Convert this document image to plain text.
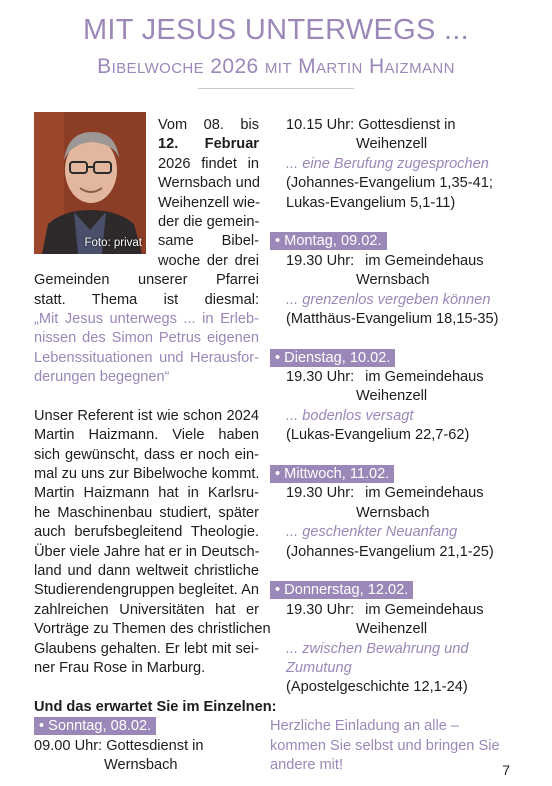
MIT JESUS UNTERWEGS ...
Bibelwoche 2026 mit Martin Haizmann
Foto: privat
Vom 08. bis
12. Februar
2026 findet in
Wernsbach und
Weihenzell wie-
der die gemein-
same Bibel-
woche der drei
Gemeinden unserer Pfarrei
statt. Thema ist diesmal:
„Mit Jesus unterwegs ... in Erleb-
nissen des Simon Petrus eigenen
Lebenssituationen und Herausfor-
derungen begegnen“
Unser Referent ist wie schon 2024
Martin Haizmann. Viele haben
sich gewünscht, dass er noch ein-
mal zu uns zur Bibelwoche kommt.
Martin Haizmann hat in Karlsru-
he Maschinenbau studiert, später
auch berufsbegleitend Theologie.
Über viele Jahre hat er in Deutsch-
land und dann weltweit christliche
Studierendengruppen begleitet. An
zahlreichen Universitäten hat er
Vorträge zu Themen des christlichen
Glaubens gehalten. Er lebt mit sei-
ner Frau Rose in Marburg.
Und das erwartet Sie im Einzelnen:
• Sonntag, 08.02.
09.00 Uhr: Gottesdienst in
Wernsbach
10.15 Uhr: Gottesdienst in
Weihenzell
... eine Berufung zugesprochen
(Johannes-Evangelium 1,35-41;
Lukas-Evangelium 5,1-11)
• Montag, 09.02.
19.30 Uhr: im Gemeindehaus
Wernsbach
... grenzenlos vergeben können
(Matthäus-Evangelium 18,15-35)
• Dienstag, 10.02.
19.30 Uhr: im Gemeindehaus
Weihenzell
... bodenlos versagt
(Lukas-Evangelium 22,7-62)
• Mittwoch, 11.02.
19.30 Uhr: im Gemeindehaus
Wernsbach
... geschenkter Neuanfang
(Johannes-Evangelium 21,1-25)
• Donnerstag, 12.02.
19.30 Uhr: im Gemeindehaus
Weihenzell
... zwischen Bewahrung und
Zumutung
(Apostelgeschichte 12,1-24)
Herzliche Einladung an alle –
kommen Sie selbst und bringen Sie
andere mit!	7
